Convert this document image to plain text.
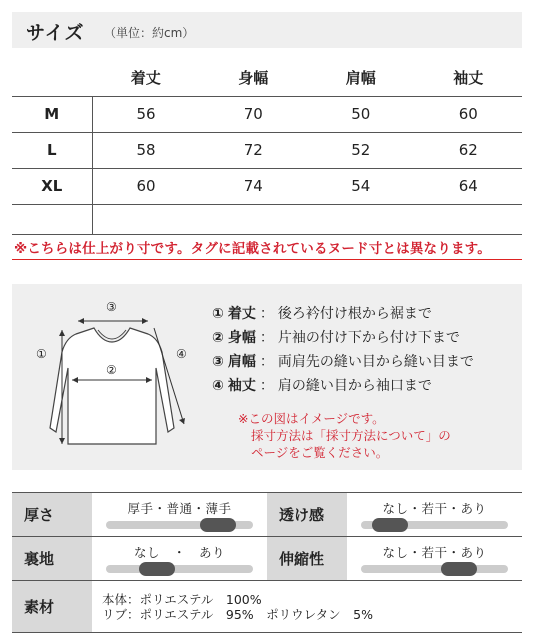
サイズ （単位：約cm）
	着丈	身幅	肩幅	袖丈
M	56	70	50	60
L	58	72	52	62
XL	60	74	54	64

※こちらは仕上がり寸です。タグに記載されているヌード寸とは異なります。
③
②
①	④
① 着丈 ： 後ろ衿付け根から裾まで
② 身幅 ： 片袖の付け下から付け下まで
③ 肩幅 ： 両肩先の縫い目から縫い目まで
④ 袖丈 ： 肩の縫い目から袖口まで
※この図はイメージです。
採寸方法は「採寸方法について」の
ページをご覧ください。
厚さ	厚手・普通・薄手	透け感	なし・若干・あり

裏地	なし　・　あり	伸縮性	なし・若干・あり

素材	本体：ポリエステル　100%
リブ：ポリエステル　95%　ポリウレタン　5%		
